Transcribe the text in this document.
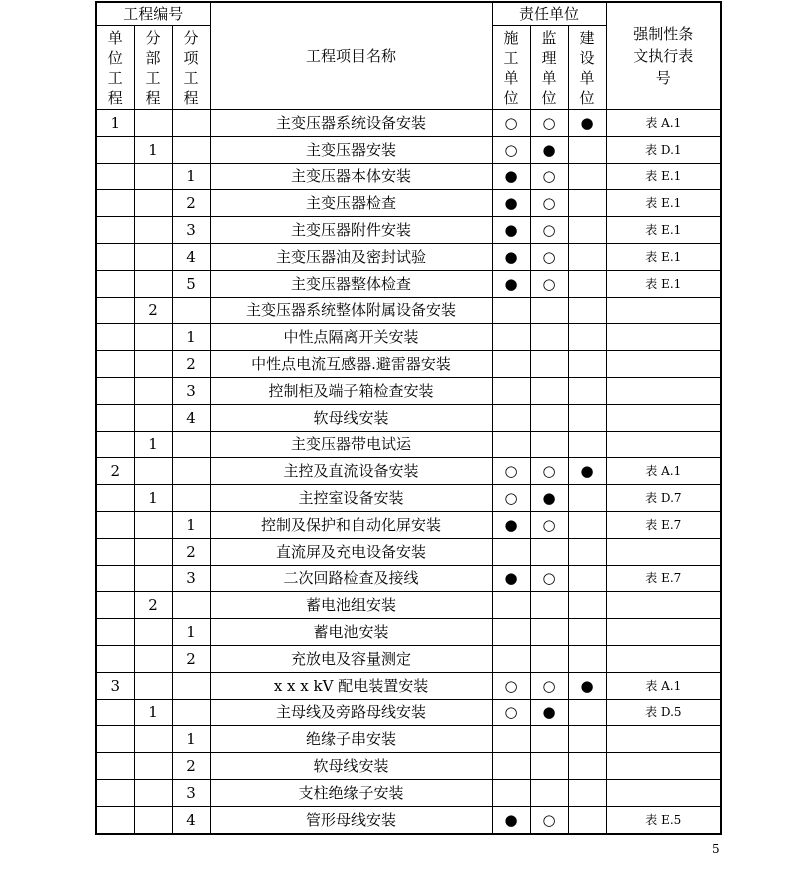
工程编号			工程项目名称	责任单位			强制性条文执行表号

单位工程	分部工程	分项工程		施工单位	监理单位	建设单位	
1			主变压器系统设备安装	○	○	●	表 A.1
	1		主变压器安装	○	●		表 D.1
		1	主变压器本体安装	●	○		表 E.1
		2	主变压器检查	●	○		表 E.1
		3	主变压器附件安装	●	○		表 E.1
		4	主变压器油及密封试验	●	○		表 E.1
		5	主变压器整体检查	●	○		表 E.1
	2		主变压器系统整体附属设备安装				
		1	中性点隔离开关安装				
		2	中性点电流互感器.避雷器安装				
		3	控制柜及端子箱检查安装				
		4	软母线安装				
	1		主变压器带电试运				
2			主控及直流设备安装	○	○	●	表 A.1
	1		主控室设备安装	○	●		表 D.7
		1	控制及保护和自动化屏安装	●	○		表 E.7
		2	直流屏及充电设备安装				
		3	二次回路检查及接线	●	○		表 E.7
	2		蓄电池组安装				
		1	蓄电池安装				
		2	充放电及容量测定				
3			x x x kV 配电装置安装	○	○	●	表 A.1
	1		主母线及旁路母线安装	○	●		表 D.5
		1	绝缘子串安装				
		2	软母线安装				
		3	支柱绝缘子安装				
		4	管形母线安装	●	○		表 E.5
5
